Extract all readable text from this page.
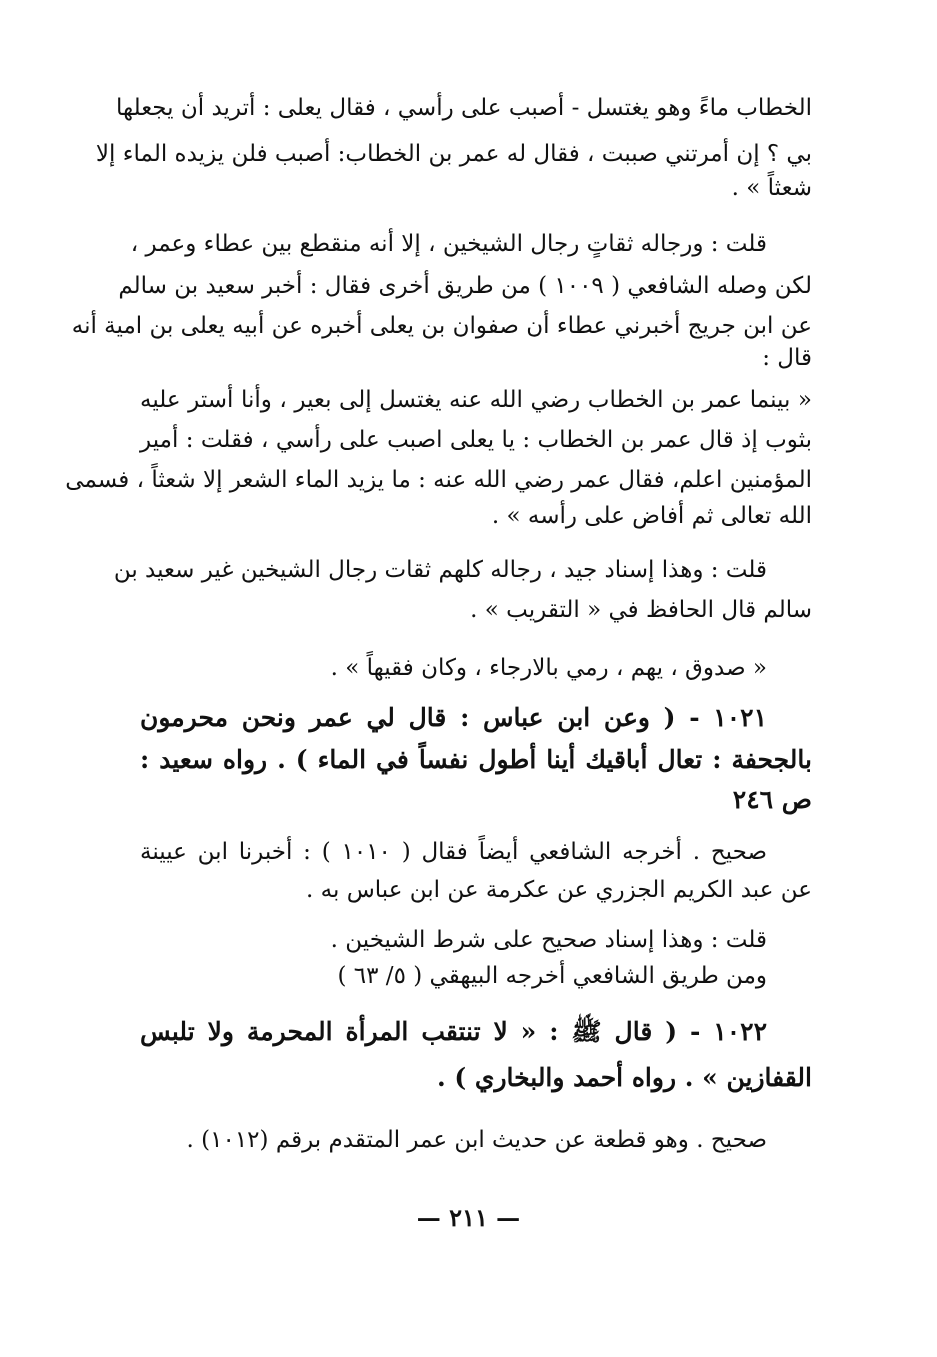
الخطاب ماءً وهو يغتسل - أصبب على رأسي ، فقال يعلى : أتريد أن يجعلها
بي ؟ إن أمرتني صببت ، فقال له عمر بن الخطاب: أصبب فلن يزيده الماء إلا
شعثاً » .
قلت : ورجاله ثقاتٍ رجال الشيخين ، إلا أنه منقطع بين عطاء وعمر ،
لكن وصله الشافعي ( ١٠٠٩ ) من طريق أخرى فقال : أخبر سعيد بن سالم
عن ابن جريج أخبرني عطاء أن صفوان بن يعلى أخبره عن أبيه يعلى بن امية أنه
قال :
« بينما عمر بن الخطاب رضي الله عنه يغتسل إلى بعير ، وأنا أستر عليه
بثوب إذ قال عمر بن الخطاب : يا يعلى اصبب على رأسي ، فقلت : أمير
المؤمنين اعلم، فقال عمر رضي الله عنه : ما يزيد الماء الشعر إلا شعثاً ، فسمى
الله تعالى ثم أفاض على رأسه » .
قلت : وهذا إسناد جيد ، رجاله كلهم ثقات رجال الشيخين غير سعيد بن
سالم قال الحافظ في « التقريب » .
« صدوق ، يهم ، رمي بالارجاء ، وكان فقيهاً » .
١٠٢١ - ( وعن ابن عباس : قال لي عمر ونحن محرمون
بالجحفة : تعال أباقيك أينا أطول نفساً في الماء ) . رواه سعيد :
ص ٢٤٦
صحيح . أخرجه الشافعي أيضاً فقال ( ١٠١٠ ) : أخبرنا ابن عيينة
عن عبد الكريم الجزري عن عكرمة عن ابن عباس به .
قلت : وهذا إسناد صحيح على شرط الشيخين .
ومن طريق الشافعي أخرجه البيهقي ( ٥/ ٦٣ )
١٠٢٢ - ( قال ﷺ : « لا تنتقب المرأة المحرمة ولا تلبس
القفازين » . رواه أحمد والبخاري ) .
صحيح . وهو قطعة عن حديث ابن عمر المتقدم برقم (١٠١٢) .
— ٢١١ —
